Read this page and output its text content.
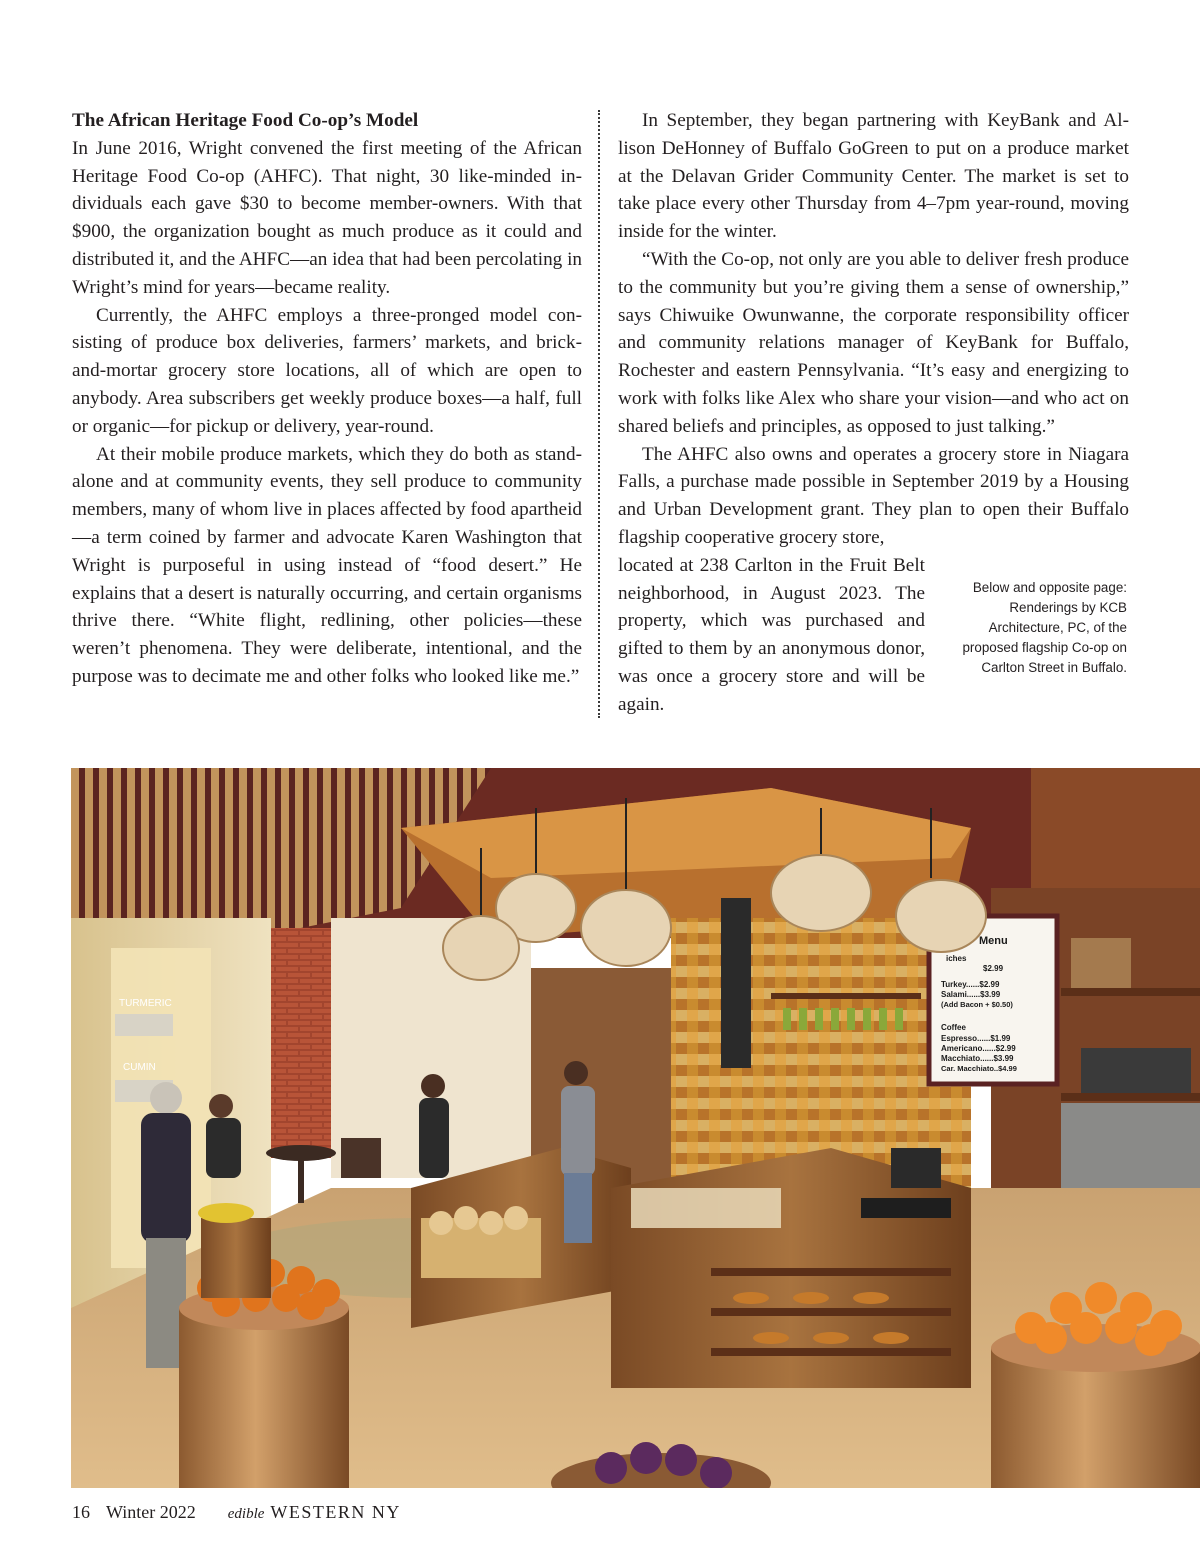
The African Heritage Food Co-op’s Model

In June 2016, Wright convened the first meeting of the African Heritage Food Co-op (AHFC). That night, 30 like-minded individuals each gave $30 to become member-owners. With that $900, the organization bought as much produce as it could and distributed it, and the AHFC—an idea that had been percolating in Wright’s mind for years—became reality.

Currently, the AHFC employs a three-pronged model consisting of produce box deliveries, farmers’ markets, and brick-and-mortar grocery store locations, all of which are open to anybody. Area subscribers get weekly produce boxes—a half, full or organic—for pickup or delivery, year-round.

At their mobile produce markets, which they do both as stand-alone and at community events, they sell produce to community members, many of whom live in places affected by food apartheid—a term coined by farmer and advocate Karen Washington that Wright is purposeful in using instead of “food desert.” He explains that a desert is naturally occurring, and certain organisms thrive there. “White flight, redlining, other policies—these weren’t phenomena. They were deliberate, intentional, and the purpose was to decimate me and other folks who looked like me.”

In September, they began partnering with KeyBank and Allison DeHonney of Buffalo GoGreen to put on a produce market at the Delavan Grider Community Center. The market is set to take place every other Thursday from 4–7pm year-round, moving inside for the winter.

“With the Co-op, not only are you able to deliver fresh produce to the community but you’re giving them a sense of ownership,” says Chiwuike Owunwanne, the corporate responsibility officer and community relations manager of KeyBank for Buffalo, Rochester and eastern Pennsylvania. “It’s easy and energizing to work with folks like Alex who share your vision—and who act on shared beliefs and principles, as opposed to just talking.”

The AHFC also owns and operates a grocery store in Niagara Falls, a purchase made possible in September 2019 by a Housing and Urban Development grant. They plan to open their Buffalo flagship cooperative grocery store,

located at 238 Carlton in the Fruit Belt neighborhood, in August 2023. The property, which was purchased and gifted to them by an anonymous donor, was once a grocery store and will be again.

Below and opposite page: Renderings by KCB Architecture, PC, of the proposed flagship Co-op on Carlton Street in Buffalo.
TURMERIC
CUMIN
Menu
iches
$2.99
Turkey......$2.99
Salami......$3.99
(Add Bacon + $0.50)
Coffee
Espresso......$1.99
Americano......$2.99
Macchiato......$3.99
Car. Macchiato..$4.99
16 Winter 2022 edible WESTERN NY
